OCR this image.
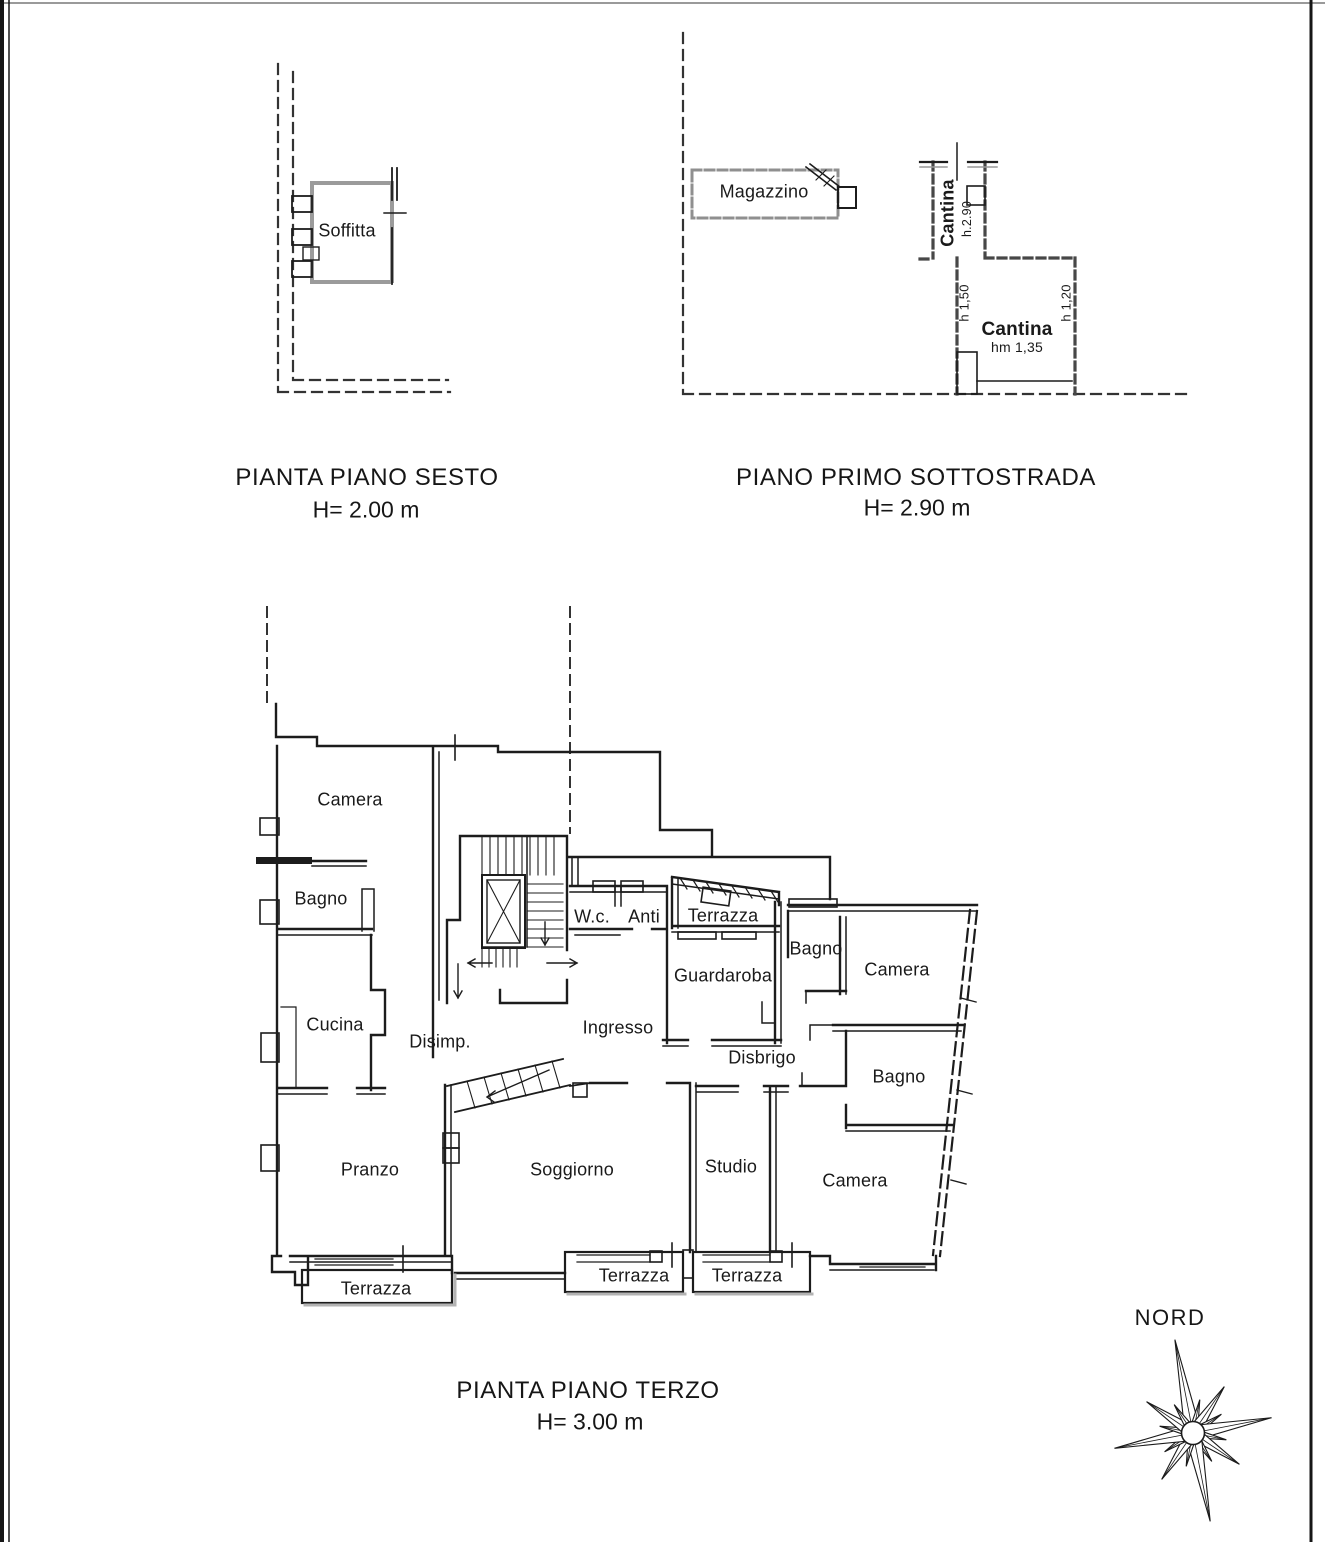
Soffitta
PIANTA PIANO SESTO
H= 2.00 m
Magazzino	Cantina h.2.90
h 1,50	h 1,20
Cantina
hm 1,35
PIANO PRIMO SOTTOSTRADA
H= 2.90 m
Camera
Bagno
Cucina
Pranzo
Disimp.
W.c. Anti Terrazza
Guardaroba
Bagno
Camera
Ingresso
Disbrigo
Bagno
Soggiorno	Studio
Camera
Terrazza
Terrazza Terrazza
PIANTA PIANO TERZO
H= 3.00 m
NORD
